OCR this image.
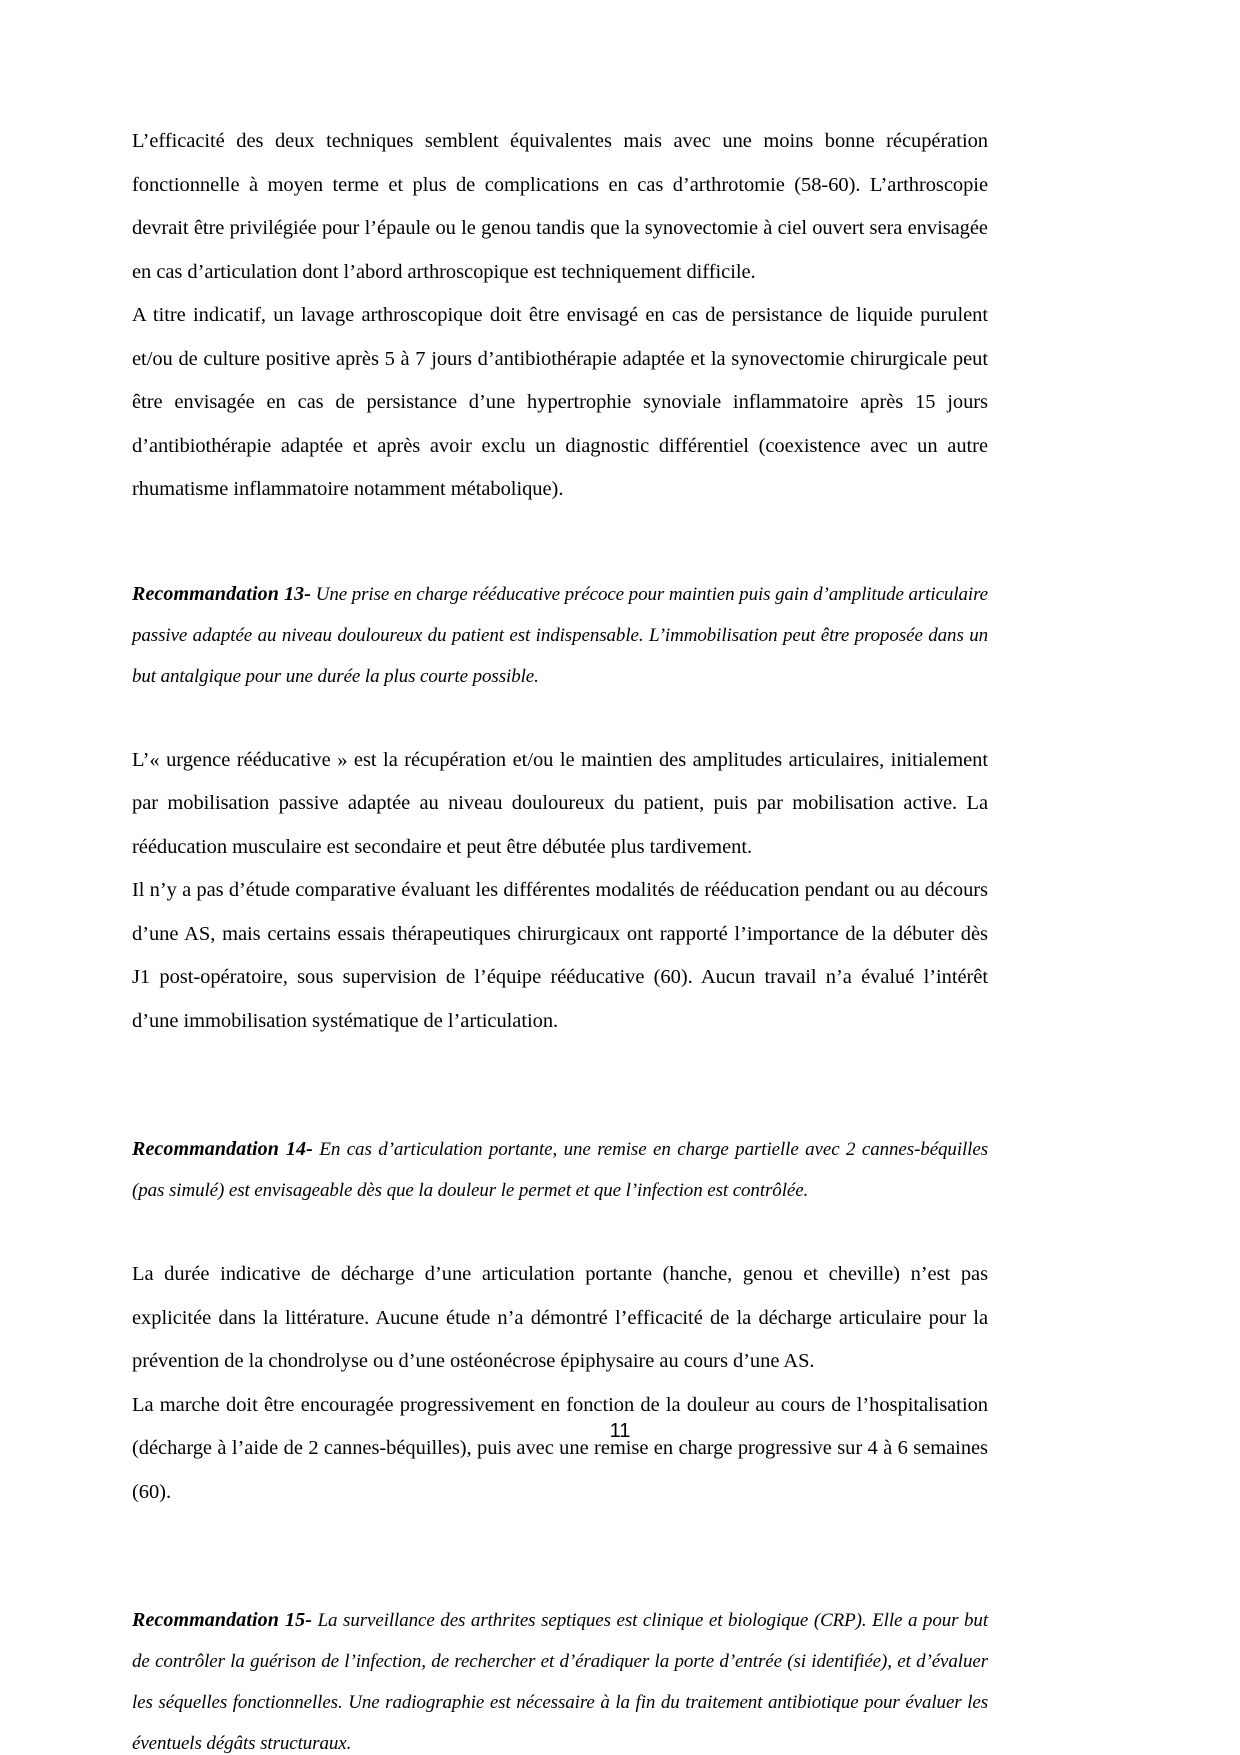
L’efficacité des deux techniques semblent équivalentes mais avec une moins bonne récupération fonctionnelle à moyen terme et plus de complications en cas d’arthrotomie (58-60). L’arthroscopie devrait être privilégiée pour l’épaule ou le genou tandis que la synovectomie à ciel ouvert sera envisagée en cas d’articulation dont l’abord arthroscopique est techniquement difficile.

A titre indicatif, un lavage arthroscopique doit être envisagé en cas de persistance de liquide purulent et/ou de culture positive après 5 à 7 jours d’antibiothérapie adaptée et la synovectomie chirurgicale peut être envisagée en cas de persistance d’une hypertrophie synoviale inflammatoire après 15 jours d’antibiothérapie adaptée et après avoir exclu un diagnostic différentiel (coexistence avec un autre rhumatisme inflammatoire notamment métabolique).

Recommandation 13- Une prise en charge rééducative précoce pour maintien puis gain d’amplitude articulaire passive adaptée au niveau douloureux du patient est indispensable. L’immobilisation peut être proposée dans un but antalgique pour une durée la plus courte possible.

L’« urgence rééducative » est la récupération et/ou le maintien des amplitudes articulaires, initialement par mobilisation passive adaptée au niveau douloureux du patient, puis par mobilisation active. La rééducation musculaire est secondaire et peut être débutée plus tardivement.

Il n’y a pas d’étude comparative évaluant les différentes modalités de rééducation pendant ou au décours d’une AS, mais certains essais thérapeutiques chirurgicaux ont rapporté l’importance de la débuter dès J1 post-opératoire, sous supervision de l’équipe rééducative (60). Aucun travail n’a évalué l’intérêt d’une immobilisation systématique de l’articulation.

Recommandation 14- En cas d’articulation portante, une remise en charge partielle avec 2 cannes-béquilles (pas simulé) est envisageable dès que la douleur le permet et que l’infection est contrôlée.

La durée indicative de décharge d’une articulation portante (hanche, genou et cheville) n’est pas explicitée dans la littérature. Aucune étude n’a démontré l’efficacité de la décharge articulaire pour la prévention de la chondrolyse ou d’une ostéonécrose épiphysaire au cours d’une AS.

La marche doit être encouragée progressivement en fonction de la douleur au cours de l’hospitalisation (décharge à l’aide de 2 cannes-béquilles), puis avec une remise en charge progressive sur 4 à 6 semaines (60).

Recommandation 15- La surveillance des arthrites septiques est clinique et biologique (CRP). Elle a pour but de contrôler la guérison de l’infection, de rechercher et d’éradiquer la porte d’entrée (si identifiée), et d’évaluer les séquelles fonctionnelles. Une radiographie est nécessaire à la fin du traitement antibiotique pour évaluer les éventuels dégâts structuraux.
11
